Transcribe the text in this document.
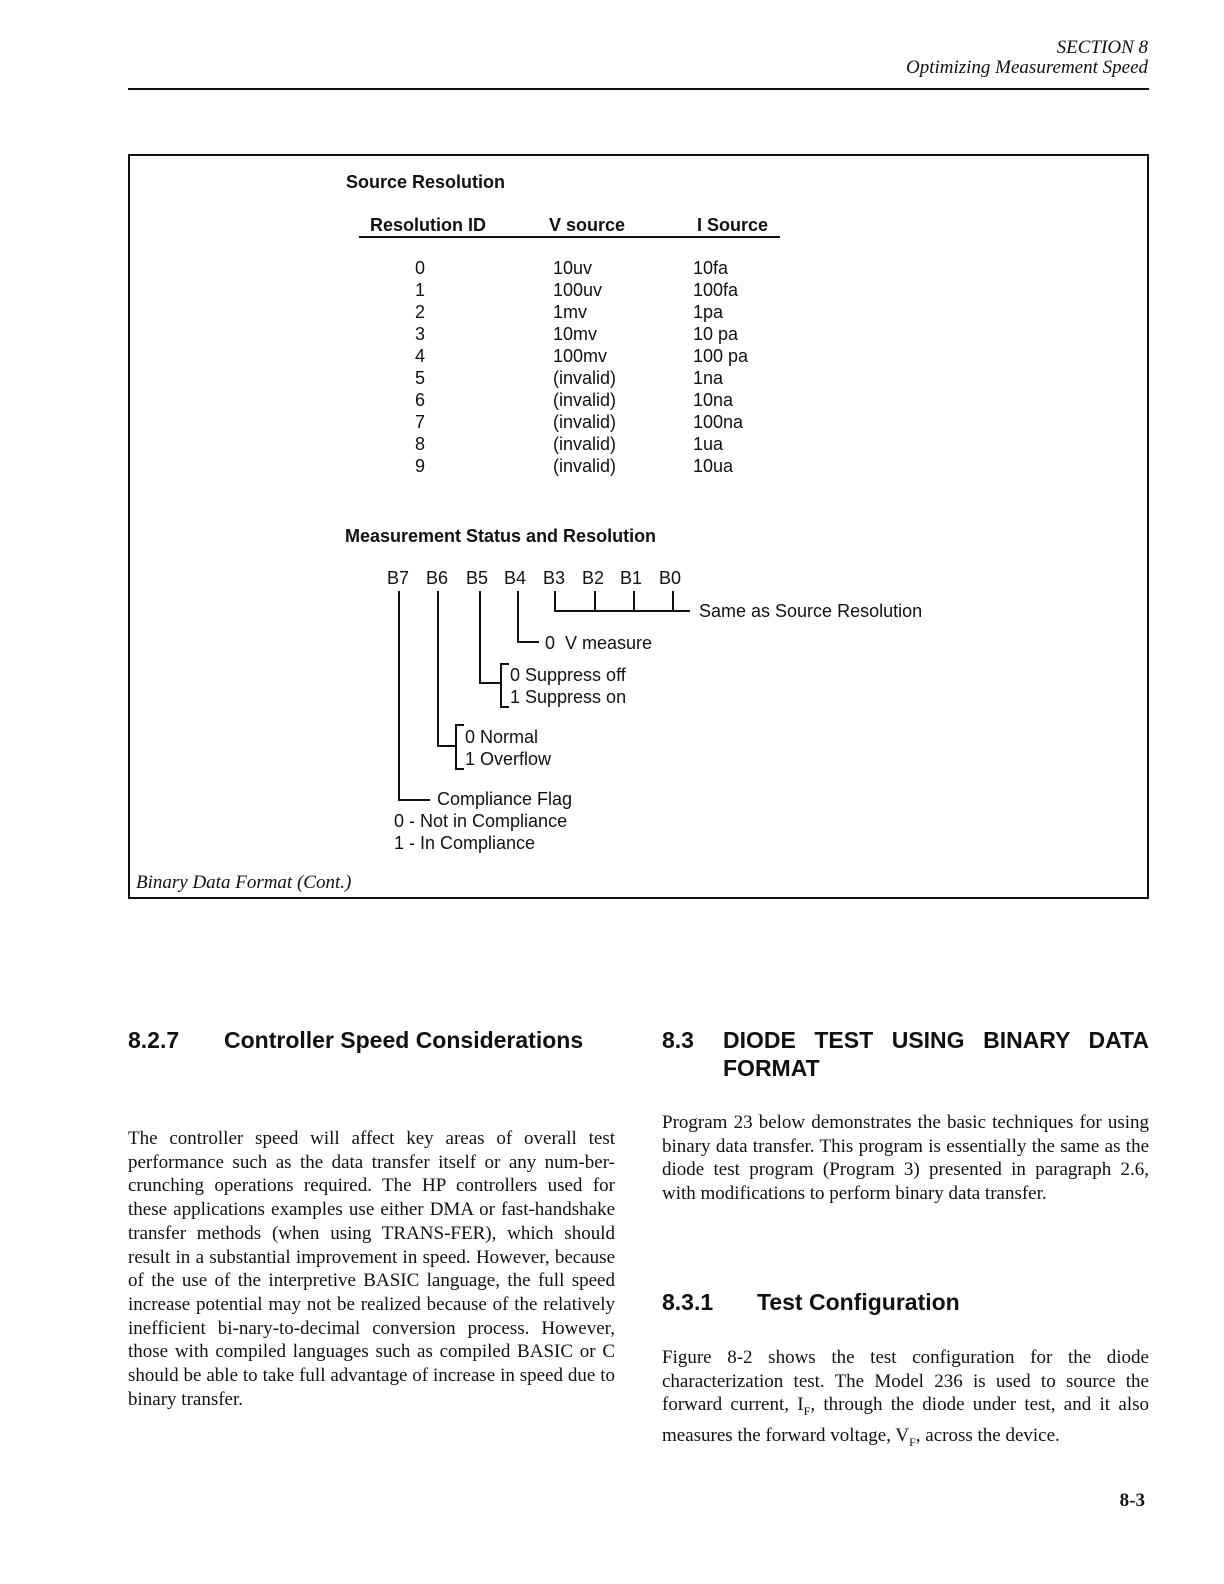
SECTION 8
Optimizing Measurement Speed
Source Resolution
Resolution ID	V source	I Source
0	10uv	10fa
1	100uv	100fa
2	1mv	1pa
3	10mv	10 pa
4	100mv	100 pa
5	(invalid)	1na
6	(invalid)	10na
7	(invalid)	100na
8	(invalid)	1ua
9	(invalid)	10ua
Measurement Status and Resolution
B7 B6 B5 B4 B3 B2 B1 B0
Same as Source Resolution
0  V measure
0 Suppress off
1 Suppress on
0 Normal
1 Overflow
Compliance Flag
0 - Not in Compliance
1 - In Compliance
Binary Data Format (Cont.)
8.2.7 Controller Speed Considerations

The controller speed will affect key areas of overall test performance such as the data transfer itself or any num-ber-crunching operations required. The HP controllers used for these applications examples use either DMA or fast-handshake transfer methods (when using TRANS-FER), which should result in a substantial improvement in speed. However, because of the use of the interpretive BASIC language, the full speed increase potential may not be realized because of the relatively inefficient bi-nary-to-decimal conversion process. However, those with compiled languages such as compiled BASIC or C should be able to take full advantage of increase in speed due to binary transfer.

8.3 DIODE TEST USING BINARY DATA FORMAT

Program 23 below demonstrates the basic techniques for using binary data transfer. This program is essentially the same as the diode test program (Program 3) presented in paragraph 2.6, with modifications to perform binary data transfer.

8.3.1 Test Configuration

Figure 8-2 shows the test configuration for the diode characterization test. The Model 236 is used to source the forward current, $I_F$, through the diode under test, and it also measures the forward voltage, $V_F$, across the device.

8-3
